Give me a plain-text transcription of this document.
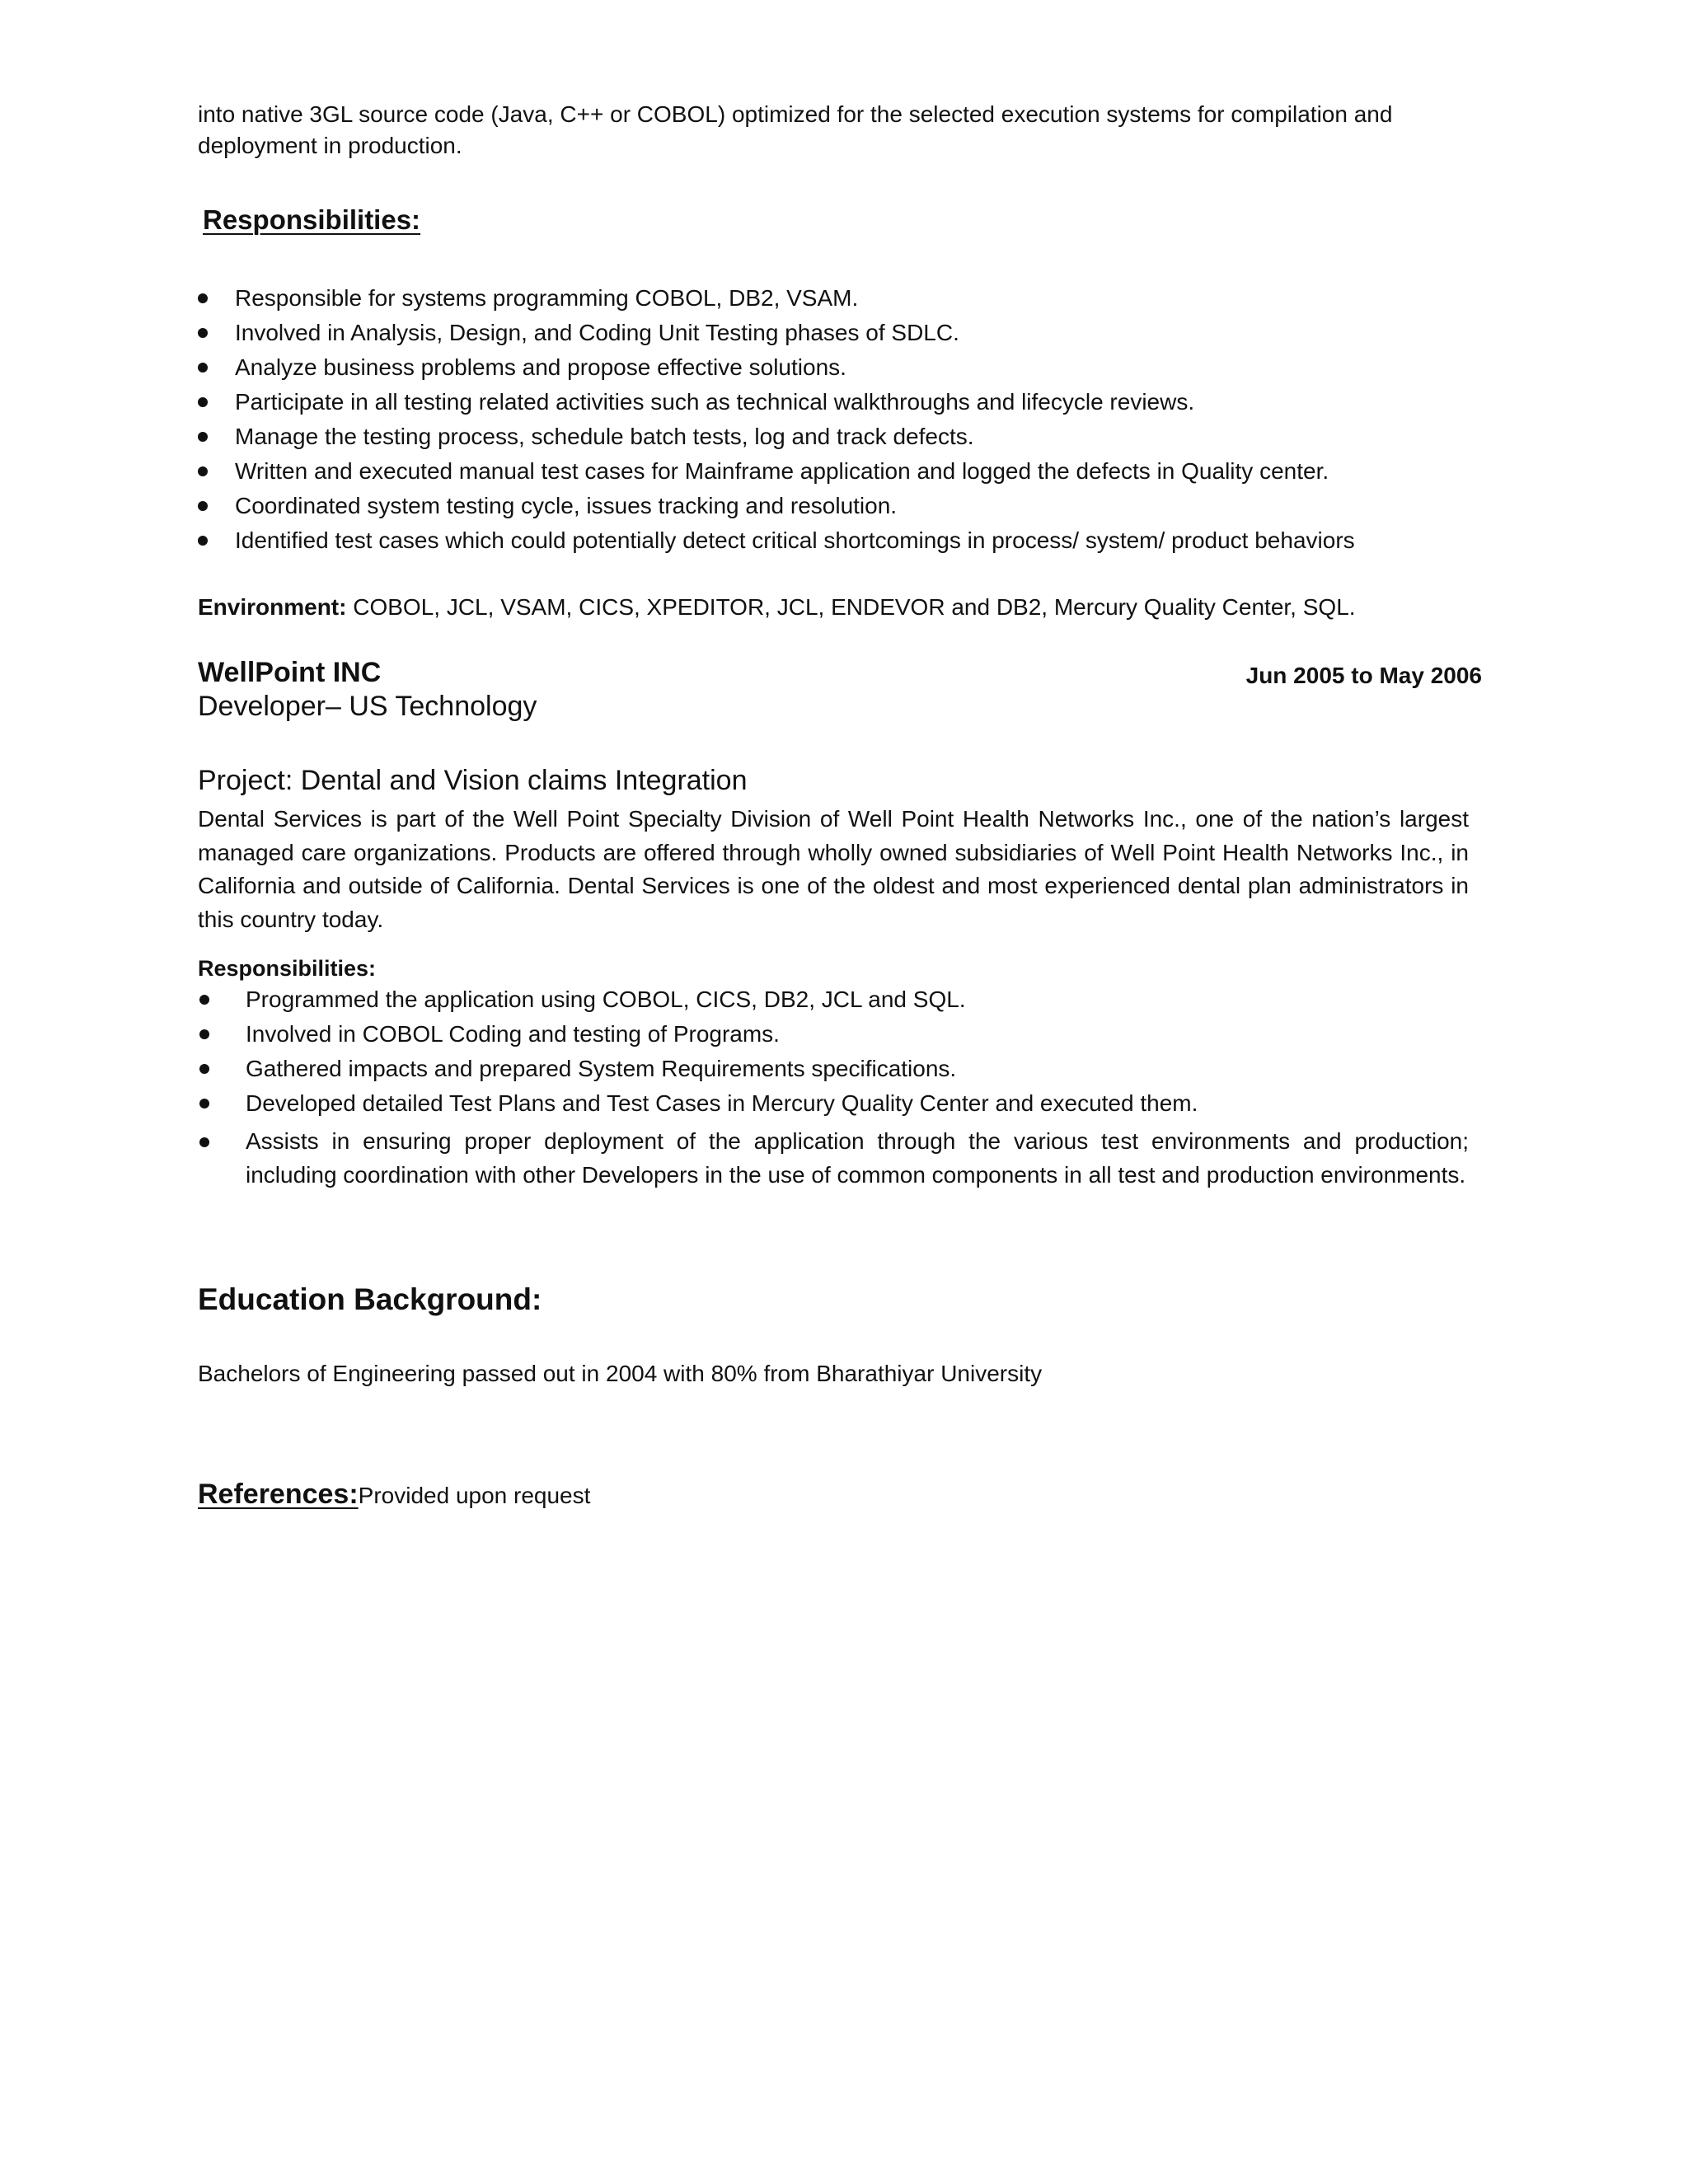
into native 3GL source code (Java, C++ or COBOL) optimized for the selected execution systems for compilation and deployment in production.
Responsibilities:
Responsible for systems programming COBOL, DB2, VSAM.
Involved in Analysis, Design, and Coding Unit Testing phases of SDLC.
Analyze business problems and propose effective solutions.
Participate in all testing related activities such as technical walkthroughs and lifecycle reviews.
Manage the testing process, schedule batch tests, log and track defects.
Written and executed manual test cases for Mainframe application and logged the defects in Quality center.
Coordinated system testing cycle, issues tracking and resolution.
Identified test cases which could potentially detect critical shortcomings in process/ system/ product behaviors
Environment: COBOL, JCL, VSAM, CICS, XPEDITOR, JCL, ENDEVOR and DB2, Mercury Quality Center, SQL.
WellPoint INC	Jun 2005 to May 2006
Developer– US Technology
Project: Dental and Vision claims Integration
Dental Services is part of the Well Point Specialty Division of Well Point Health Networks Inc., one of the nation’s largest managed care organizations. Products are offered through wholly owned subsidiaries of Well Point Health Networks Inc., in California and outside of California. Dental Services is one of the oldest and most experienced dental plan administrators in this country today.
Responsibilities:
Programmed the application using COBOL, CICS, DB2, JCL and SQL.
Involved in COBOL Coding and testing of Programs.
Gathered impacts and prepared System Requirements specifications.
Developed detailed Test Plans and Test Cases in Mercury Quality Center and executed them.
Assists in ensuring proper deployment of the application through the various test environments and production; including coordination with other Developers in the use of common components in all test and production environments.
Education Background:
Bachelors of Engineering passed out in 2004 with 80% from Bharathiyar University
References:Provided upon request
